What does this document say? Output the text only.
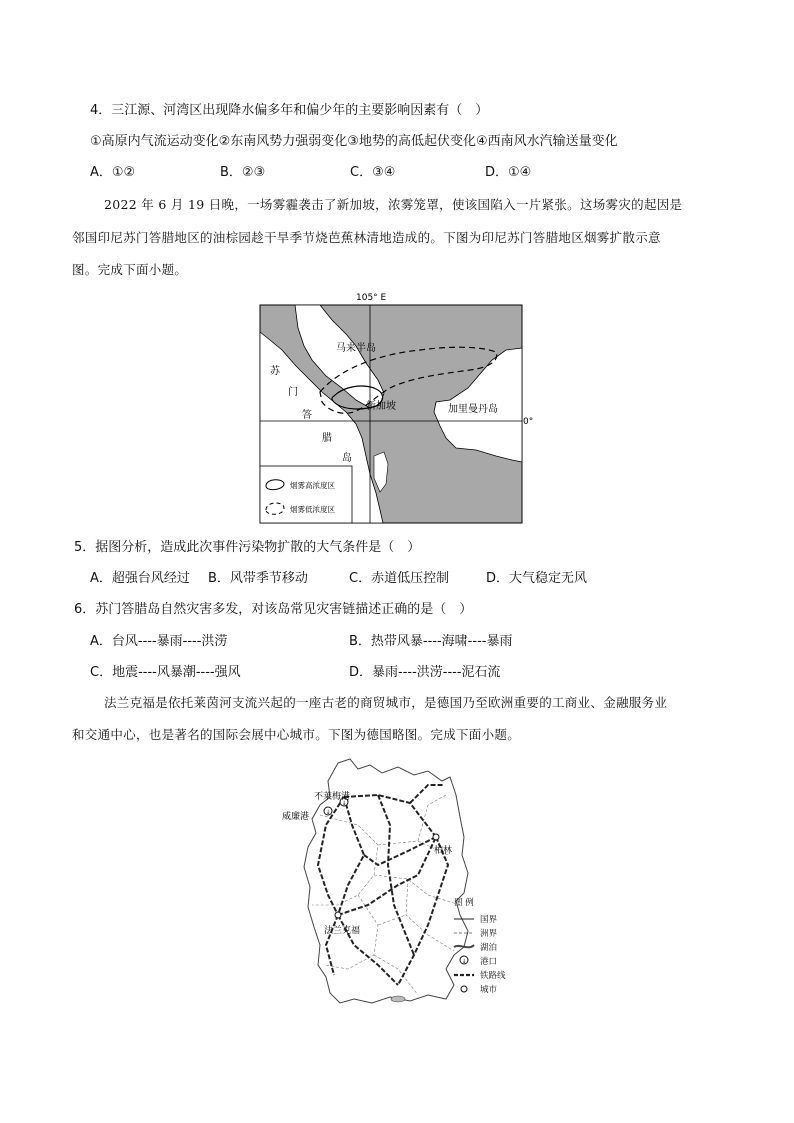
4．三江源、河湾区出现降水偏多年和偏少年的主要影响因素有（　）
①高原内气流运动变化②东南风势力强弱变化③地势的高低起伏变化④西南风水汽输送量变化
A．①②	B．②③	C．③④	D．①④
2022 年 6 月 19 日晚，一场雾霾袭击了新加坡，浓雾笼罩，使该国陷入一片紧张。这场雾灾的起因是
邻国印尼苏门答腊地区的油棕园趁干旱季节烧芭蕉林清地造成的。下图为印尼苏门答腊地区烟雾扩散示意
图。完成下面小题。
105° E
0°
马来半岛
苏
门
答
腊
岛
新加坡	加里曼丹岛
烟雾高浓度区
烟雾低浓度区
5．据图分析，造成此次事件污染物扩散的大气条件是（　）
A．超强台风经过 B．风带季节移动	C．赤道低压控制	D．大气稳定无风
6．苏门答腊岛自然灾害多发，对该岛常见灾害链描述正确的是（　）
A．台风----暴雨----洪涝	B．热带风暴----海啸----暴雨
C．地震----风暴潮----强风	D．暴雨----洪涝----泥石流
法兰克福是依托莱茵河支流兴起的一座古老的商贸城市，是德国乃至欧洲重要的工商业、金融服务业
和交通中心，也是著名的国际会展中心城市。下图为德国略图。完成下面小题。
↓
↓
不莱梅港
威廉港
柏林
法兰克福
图 例
国界
洲界
湖泊
↓ 港口
铁路线
城市
